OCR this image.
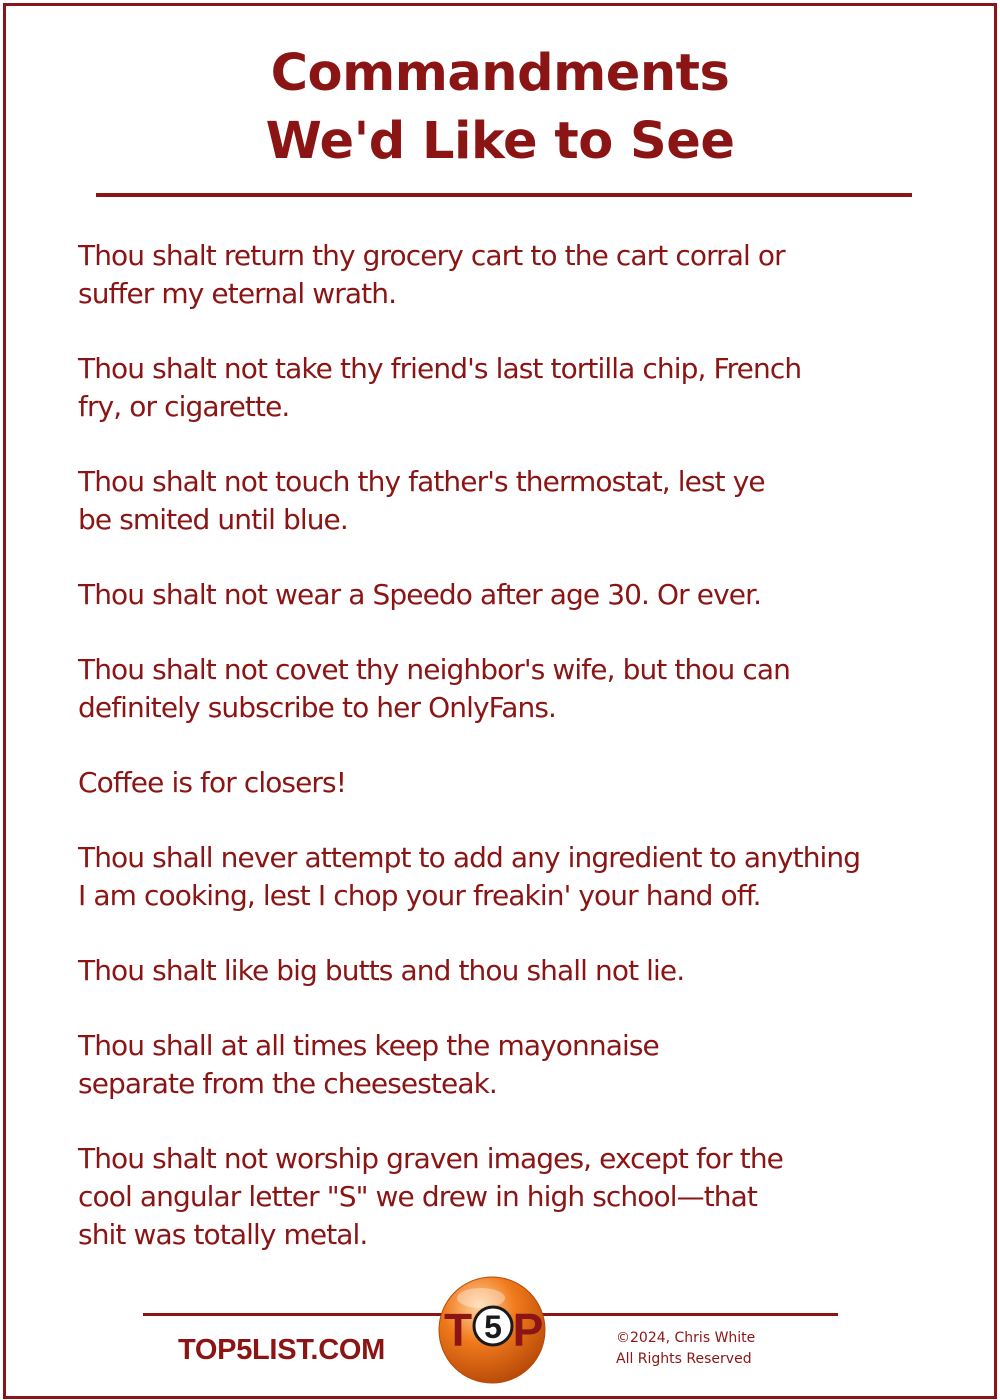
Commandments
We'd Like to See

Thou shalt return thy grocery cart to the cart corral or
suffer my eternal wrath.

Thou shalt not take thy friend's last tortilla chip, French
fry, or cigarette.

Thou shalt not touch thy father's thermostat, lest ye
be smited until blue.

Thou shalt not wear a Speedo after age 30. Or ever.

Thou shalt not covet thy neighbor's wife, but thou can
definitely subscribe to her OnlyFans.

Coffee is for closers!

Thou shall never attempt to add any ingredient to anything
I am cooking, lest I chop your freakin' your hand off.

Thou shalt like big butts and thou shall not lie.

Thou shall at all times keep the mayonnaise
separate from the cheesesteak.

Thou shalt not worship graven images, except for the
cool angular letter "S" we drew in high school—that
shit was totally metal.

TOP5LIST.COM T 5 P	©2024, Chris White
All Rights Reserved
